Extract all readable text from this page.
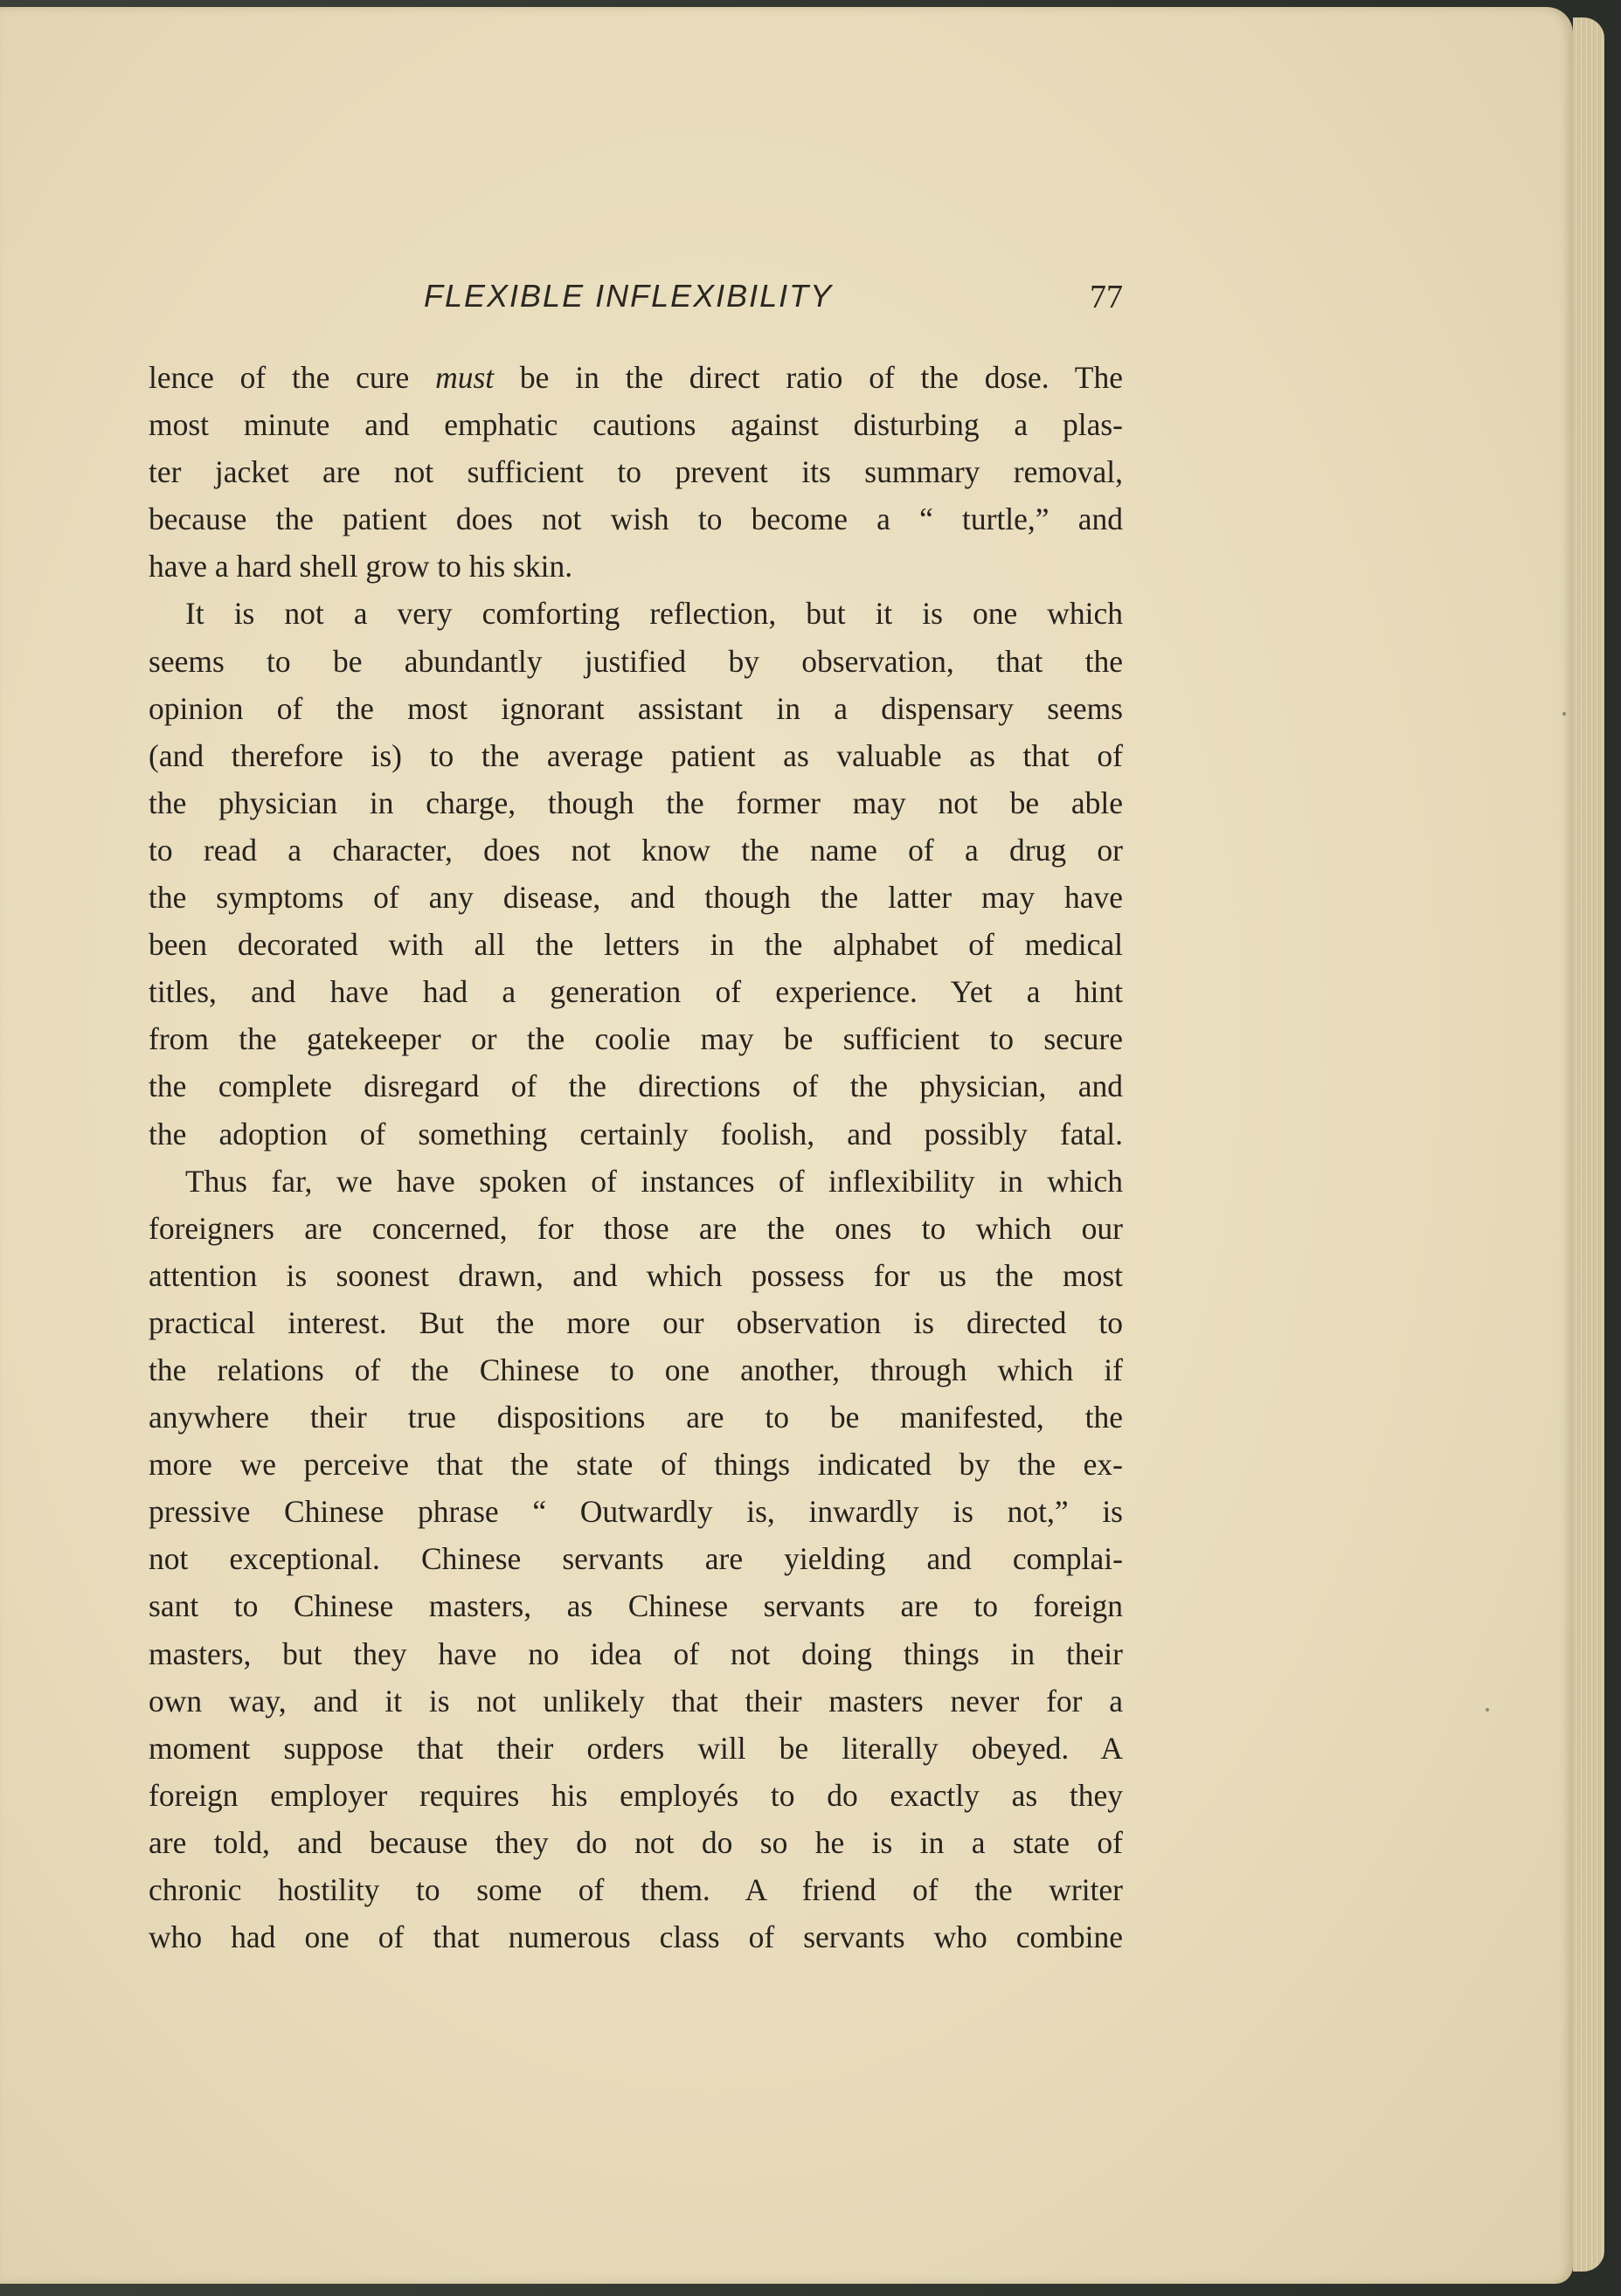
FLEXIBLE INFLEXIBILITY	77
lence of the cure must be in the direct ratio of the dose. The
most minute and emphatic cautions against disturbing a plas-
ter jacket are not sufficient to prevent its summary removal,
because the patient does not wish to become a “ turtle,” and
have a hard shell grow to his skin.
It is not a very comforting reflection, but it is one which
seems to be abundantly justified by observation, that the
opinion of the most ignorant assistant in a dispensary seems
(and therefore is) to the average patient as valuable as that of
the physician in charge, though the former may not be able
to read a character, does not know the name of a drug or
the symptoms of any disease, and though the latter may have
been decorated with all the letters in the alphabet of medical
titles, and have had a generation of experience. Yet a hint
from the gatekeeper or the coolie may be sufficient to secure
the complete disregard of the directions of the physician, and
the adoption of something certainly foolish, and possibly fatal.
Thus far, we have spoken of instances of inflexibility in which
foreigners are concerned, for those are the ones to which our
attention is soonest drawn, and which possess for us the most
practical interest. But the more our observation is directed to
the relations of the Chinese to one another, through which if
anywhere their true dispositions are to be manifested, the
more we perceive that the state of things indicated by the ex-
pressive Chinese phrase “ Outwardly is, inwardly is not,” is
not exceptional. Chinese servants are yielding and complai-
sant to Chinese masters, as Chinese servants are to foreign
masters, but they have no idea of not doing things in their
own way, and it is not unlikely that their masters never for a
moment suppose that their orders will be literally obeyed. A
foreign employer requires his employés to do exactly as they
are told, and because they do not do so he is in a state of
chronic hostility to some of them. A friend of the writer
who had one of that numerous class of servants who combine
